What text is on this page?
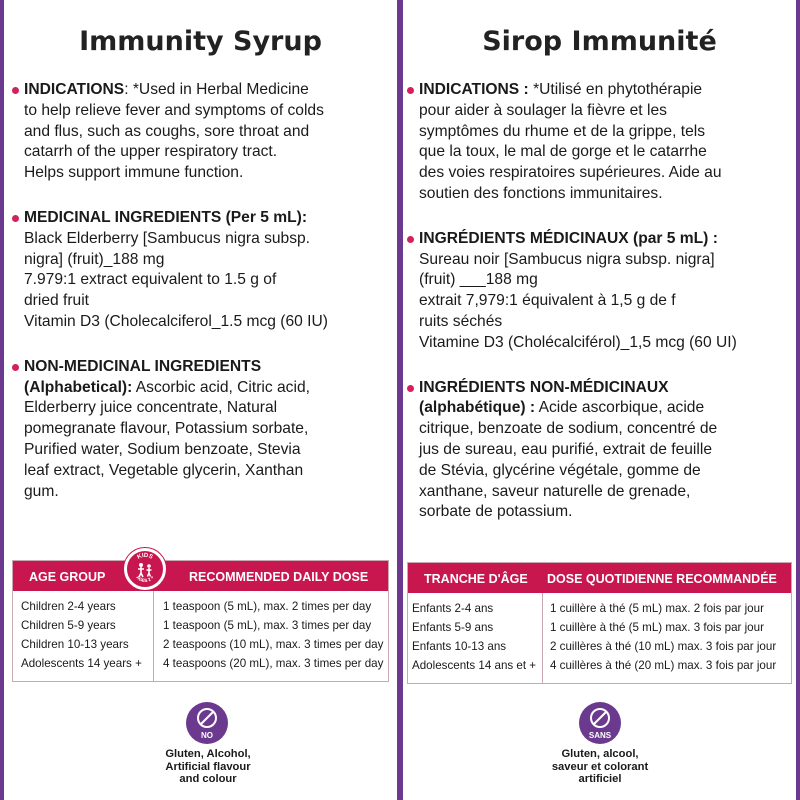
Immunity Syrup
INDICATIONS: *Used in Herbal Medicine
to help relieve fever and symptoms of colds
and flus, such as coughs, sore throat and
catarrh of the upper respiratory tract.
Helps support immune function.
MEDICINAL INGREDIENTS (Per 5 mL):
Black Elderberry [Sambucus nigra subsp.
nigra] (fruit)_188 mg
7.979:1 extract equivalent to 1.5 g of
dried fruit
Vitamin D3 (Cholecalciferol_1.5 mcg (60 IU)
NON-MEDICINAL INGREDIENTS
(Alphabetical): Ascorbic acid, Citric acid,
Elderberry juice concentrate, Natural
pomegranate flavour, Potassium sorbate,
Purified water, Sodium benzoate, Stevia
leaf extract, Vegetable glycerin, Xanthan
gum.
AGE GROUP	RECOMMENDED DAILY DOSE
Children 2-4 years	1 teaspoon (5 mL), max. 2 times per day
Children 5-9 years	1 teaspoon (5 mL), max. 3 times per day
Children 10-13 years	2 teaspoons (10 mL), max. 3 times per day
Adolescents 14 years + 4 teaspoons (20 mL), max. 3 times per day
KIDS
AGES 2 +
NO
Gluten, Alcohol,
Artificial flavour
and colour
Sirop Immunité
INDICATIONS : *Utilisé en phytothérapie
pour aider à soulager la fièvre et les
symptômes du rhume et de la grippe, tels
que la toux, le mal de gorge et le catarrhe
des voies respiratoires supérieures. Aide au
soutien des fonctions immunitaires.
INGRÉDIENTS MÉDICINAUX (par 5 mL) :
Sureau noir [Sambucus nigra subsp. nigra]
(fruit) ___188 mg
extrait 7,979:1 équivalent à 1,5 g de f
ruits séchés
Vitamine D3 (Cholécalciférol)_1,5 mcg (60 UI)
INGRÉDIENTS NON-MÉDICINAUX
(alphabétique) : Acide ascorbique, acide
citrique, benzoate de sodium, concentré de
jus de sureau, eau purifié, extrait de feuille
de Stévia, glycérine végétale, gomme de
xanthane, saveur naturelle de grenade,
sorbate de potassium.
TRANCHE D'ÂGE DOSE QUOTIDIENNE RECOMMANDÉE
Enfants 2-4 ans	1 cuillère à thé (5 mL) max. 2 fois par jour
Enfants 5-9 ans	1 cuillère à thé (5 mL) max. 3 fois par jour
Enfants 10-13 ans	2 cuillères à thé (10 mL) max. 3 fois par jour
Adolescents 14 ans et + 4 cuillères à thé (20 mL) max. 3 fois par jour
SANS
Gluten, alcool,
saveur et colorant
artificiel
